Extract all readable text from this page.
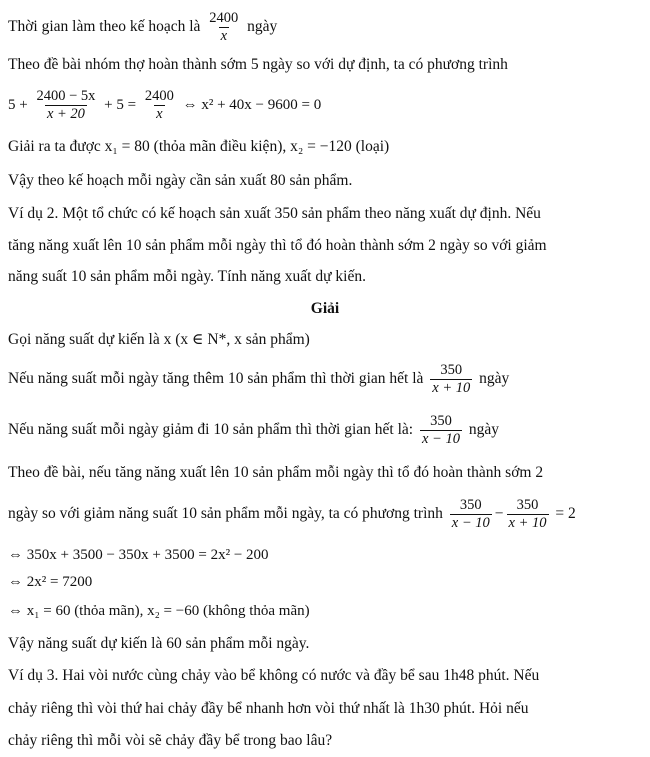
Thời gian làm theo kế hoạch là $\frac{2400}{x}$ ngày
Theo đề bài nhóm thợ hoàn thành sớm 5 ngày so với dự định, ta có phương trình
$5 + \frac{2400 - 5x}{x + 20} + 5 = \frac{2400}{x}$ ⇔ x² + 40x − 9600 = 0
Giải ra ta được x₁ = 80 (thỏa mãn điều kiện), x₂ = −120 (loại)
Vậy theo kế hoạch mỗi ngày cần sản xuất 80 sản phẩm.
Ví dụ 2. Một tổ chức có kế hoạch sản xuất 350 sản phẩm theo năng xuất dự định. Nếu
tăng năng xuất lên 10 sản phẩm mỗi ngày thì tổ đó hoàn thành sớm 2 ngày so với giảm
năng suất 10 sản phẩm mỗi ngày. Tính năng xuất dự kiến.
Giải
Gọi năng suất dự kiến là x (x ∈ N*, x sản phẩm)
Nếu năng suất mỗi ngày tăng thêm 10 sản phẩm thì thời gian hết là $\frac{350}{x + 10}$ ngày
Nếu năng suất mỗi ngày giảm đi 10 sản phẩm thì thời gian hết là: $\frac{350}{x - 10}$ ngày
Theo đề bài, nếu tăng năng xuất lên 10 sản phẩm mỗi ngày thì tổ đó hoàn thành sớm 2
ngày so với giảm năng suất 10 sản phẩm mỗi ngày, ta có phương trình $\frac{350}{x - 10} - \frac{350}{x + 10} = 2$
⇔ 350x + 3500 − 350x + 3500 = 2x² − 200
⇔ 2x² = 7200
⇔ x₁ = 60 (thỏa mãn), x₂ = −60 (không thỏa mãn)
Vậy năng suất dự kiến là 60 sản phẩm mỗi ngày.
Ví dụ 3. Hai vòi nước cùng chảy vào bể không có nước và đầy bể sau 1h48 phút. Nếu
chảy riêng thì vòi thứ hai chảy đầy bể nhanh hơn vòi thứ nhất là 1h30 phút. Hỏi nếu
chảy riêng thì mỗi vòi sẽ chảy đầy bể trong bao lâu?
